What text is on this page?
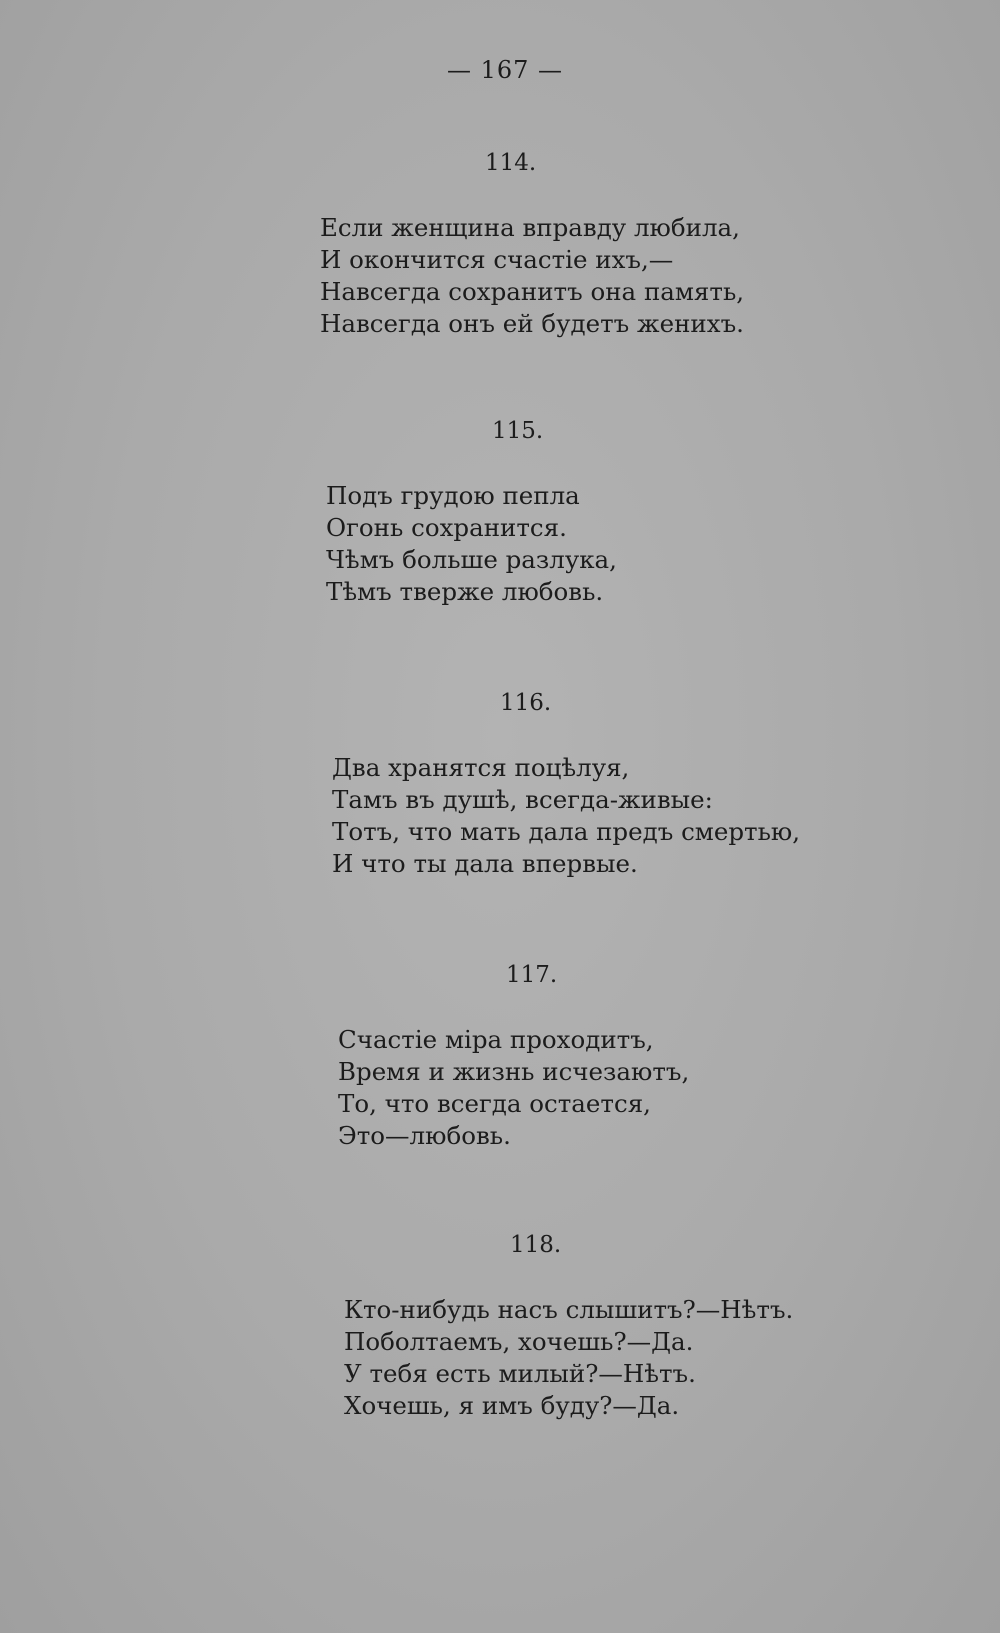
— 167 —
114.
Если женщина вправду любила,
И окончится счастіе ихъ,—
Навсегда сохранитъ она память,
Навсегда онъ ей будетъ женихъ.
115.
Подъ грудою пепла
Огонь сохранится.
Чѣмъ больше разлука,
Тѣмъ тверже любовь.
116.
Два хранятся поцѣлуя,
Тамъ въ душѣ, всегда-живые:
Тотъ, что мать дала предъ смертью,
И что ты дала впервые.
117.
Счастіе міра проходитъ,
Время и жизнь исчезаютъ,
То, что всегда остается,
Это—любовь.
118.
Кто-нибудь насъ слышитъ?—Нѣтъ.
Поболтаемъ, хочешь?—Да.
У тебя есть милый?—Нѣтъ.
Хочешь, я имъ буду?—Да.
